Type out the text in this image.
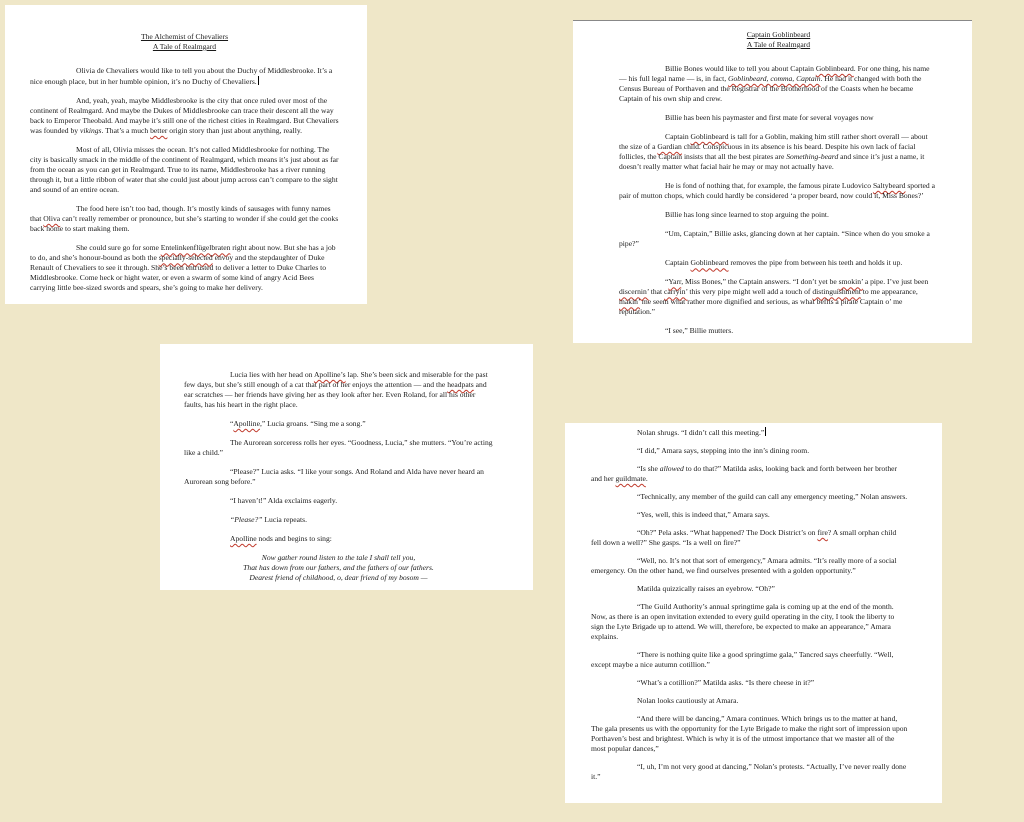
The Alchemist of Chevaliers
A Tale of Realmgard

Olivia de Chevaliers would like to tell you about the Duchy of Middlesbrooke. It’s a nice enough place, but in her humble opinion, it’s no Duchy of Chevaliers.

And, yeah, yeah, maybe Middlesbrooke is the city that once ruled over most of the continent of Realmgard. And maybe the Dukes of Middlesbrooke can trace their descent all the way back to Emperor Theobald. And maybe it’s still one of the richest cities in Realmgard. But Chevaliers was founded by vikings. That’s a much better origin story than just about anything, really.

Most of all, Olivia misses the ocean. It’s not called Middlesbrooke for nothing. The city is basically smack in the middle of the continent of Realmgard, which means it’s just about as far from the ocean as you can get in Realmgard. True to its name, Middlesbrooke has a river running through it, but a little ribbon of water that she could just about jump across can’t compare to the sight and sound of an entire ocean.

The food here isn’t too bad, though. It’s mostly kinds of sausages with funny names that Oliva can’t really remember or pronounce, but she’s starting to wonder if she could get the cooks back home to start making them.

She could sure go for some Entelinkenflügelbraten right about now. But she has a job to do, and she’s honour-bound as both the specially-selected envoy and the stepdaughter of Duke Renault of Chevaliers to see it through. She’s been entrusted to deliver a letter to Duke Charles to Middlesbrooke. Come heck or hight water, or even a swarm of some kind of angry Acid Bees carrying little bee-sized swords and spears, she’s going to make her delivery.

Captain Goblinbeard
A Tale of Realmgard

Billie Bones would like to tell you about Captain Goblinbeard. For one thing, his name — his full legal name — is, in fact, Goblinbeard, comma, Captain. He had it changed with both the Census Bureau of Porthaven and the Registrar of the Brotherhood of the Coasts when he became Captain of his own ship and crew.

Billie has been his paymaster and first mate for several voyages now

Captain Goblinbeard is tall for a Goblin, making him still rather short overall — about the size of a Gardian child. Conspicuous in its absence is his beard. Despite his own lack of facial follicles, the Captain insists that all the best pirates are Something-beard and since it’s just a name, it doesn’t really matter what facial hair he may or may not actually have.

He is fond of nothing that, for example, the famous pirate Ludovico Saltybeard sported a pair of mutton chops, which could hardly be considered ‘a proper beard, now could it, Miss Bones?’

Billie has long since learned to stop arguing the point.

“Um, Captain,” Billie asks, glancing down at her captain. “Since when do you smoke a pipe?”

Captain Goblinbeard removes the pipe from between his teeth and holds it up.

“Yarr, Miss Bones,” the Captain answers. “I don’t yet be smokin’ a pipe. I’ve just been discernin’ that carryin’ this very pipe might well add a touch of distinguishment to me appearance, makin’ me seem what rather more dignified and serious, as what befits a pirate Captain o’ me reputation.”

“I see,” Billie mutters.

Lucia lies with her head on Apolline’s lap. She’s been sick and miserable for the past few days, but she’s still enough of a cat that part of her enjoys the attention — and the headpats and ear scratches — her friends have giving her as they look after her. Even Roland, for all his other faults, has his heart in the right place.

“Apolline,” Lucia groans. “Sing me a song.”

The Aurorean sorceress rolls her eyes. “Goodness, Lucia,” she mutters. “You’re acting like a child.”

“Please?” Lucia asks. “I like your songs. And Roland and Alda have never heard an Aurorean song before.”

“I haven’t!” Alda exclaims eagerly.

“Please?” Lucia repeats.

Apolline nods and begins to sing:

Now gather round listen to the tale I shall tell you,
That has down from our fathers, and the fathers of our fathers.
Dearest friend of childhood, o, dear friend of my bosom —

Nolan shrugs. “I didn’t call this meeting.”

“I did,” Amara says, stepping into the inn’s dining room.

“Is she allowed to do that?” Matilda asks, looking back and forth between her brother and her guildmate.

“Technically, any member of the guild can call any emergency meeting,” Nolan answers.

“Yes, well, this is indeed that,” Amara says.

“Oh?” Pela asks. “What happened? The Dock District’s on fire? A small orphan child fell down a well?” She gasps. “Is a well on fire?”

“Well, no. It’s not that sort of emergency,” Amara admits. “It’s really more of a social emergency. On the other hand, we find ourselves presented with a golden opportunity.”

Matilda quizzically raises an eyebrow. “Oh?”

“The Guild Authority’s annual springtime gala is coming up at the end of the month. Now, as there is an open invitation extended to every guild operating in the city, I took the liberty to sign the Lyte Brigade up to attend. We will, therefore, be expected to make an appearance,” Amara explains.

“There is nothing quite like a good springtime gala,” Tancred says cheerfully. “Well, except maybe a nice autumn cotillion.”

“What’s a cotillion?” Matilda asks. “Is there cheese in it?”

Nolan looks cautiously at Amara.

“And there will be dancing,” Amara continues. Which brings us to the matter at hand, The gala presents us with the opportunity for the Lyte Brigade to make the right sort of impression upon Porthaven’s best and brightest. Which is why it is of the utmost importance that we master all of the most popular dances,”

“I, uh, I’m not very good at dancing,” Nolan’s protests. “Actually, I’ve never really done it.”
